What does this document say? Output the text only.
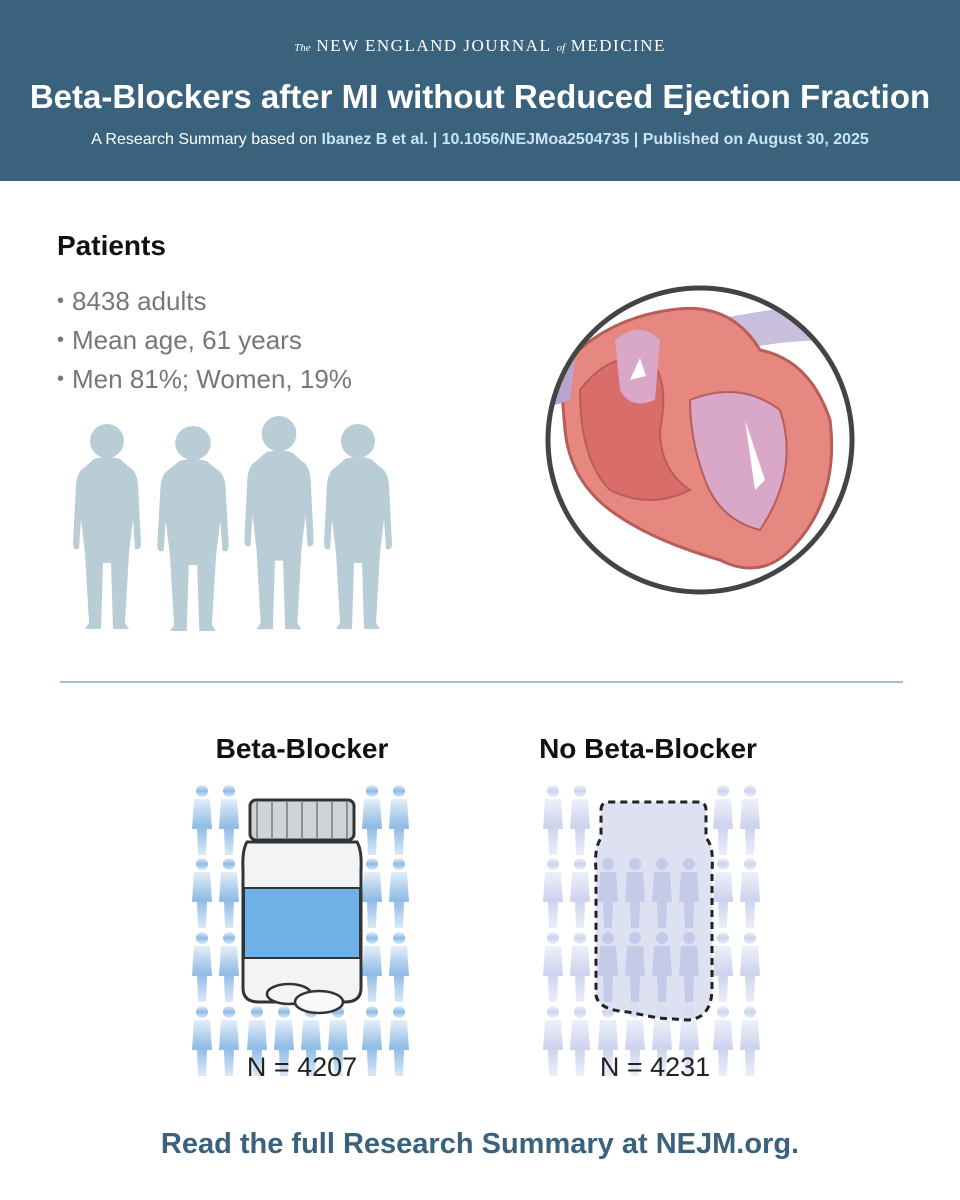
The NEW ENGLAND JOURNAL of MEDICINE
Beta-Blockers after MI without Reduced Ejection Fraction
A Research Summary based on Ibanez B et al. | 10.1056/NEJMoa2504735 | Published on August 30, 2025
Patients
• 8438 adults
• Mean age, 61 years
• Men 81%; Women, 19%
Beta-Blocker
N = 4207
No Beta-Blocker
N = 4231
Read the full Research Summary at NEJM.org.
